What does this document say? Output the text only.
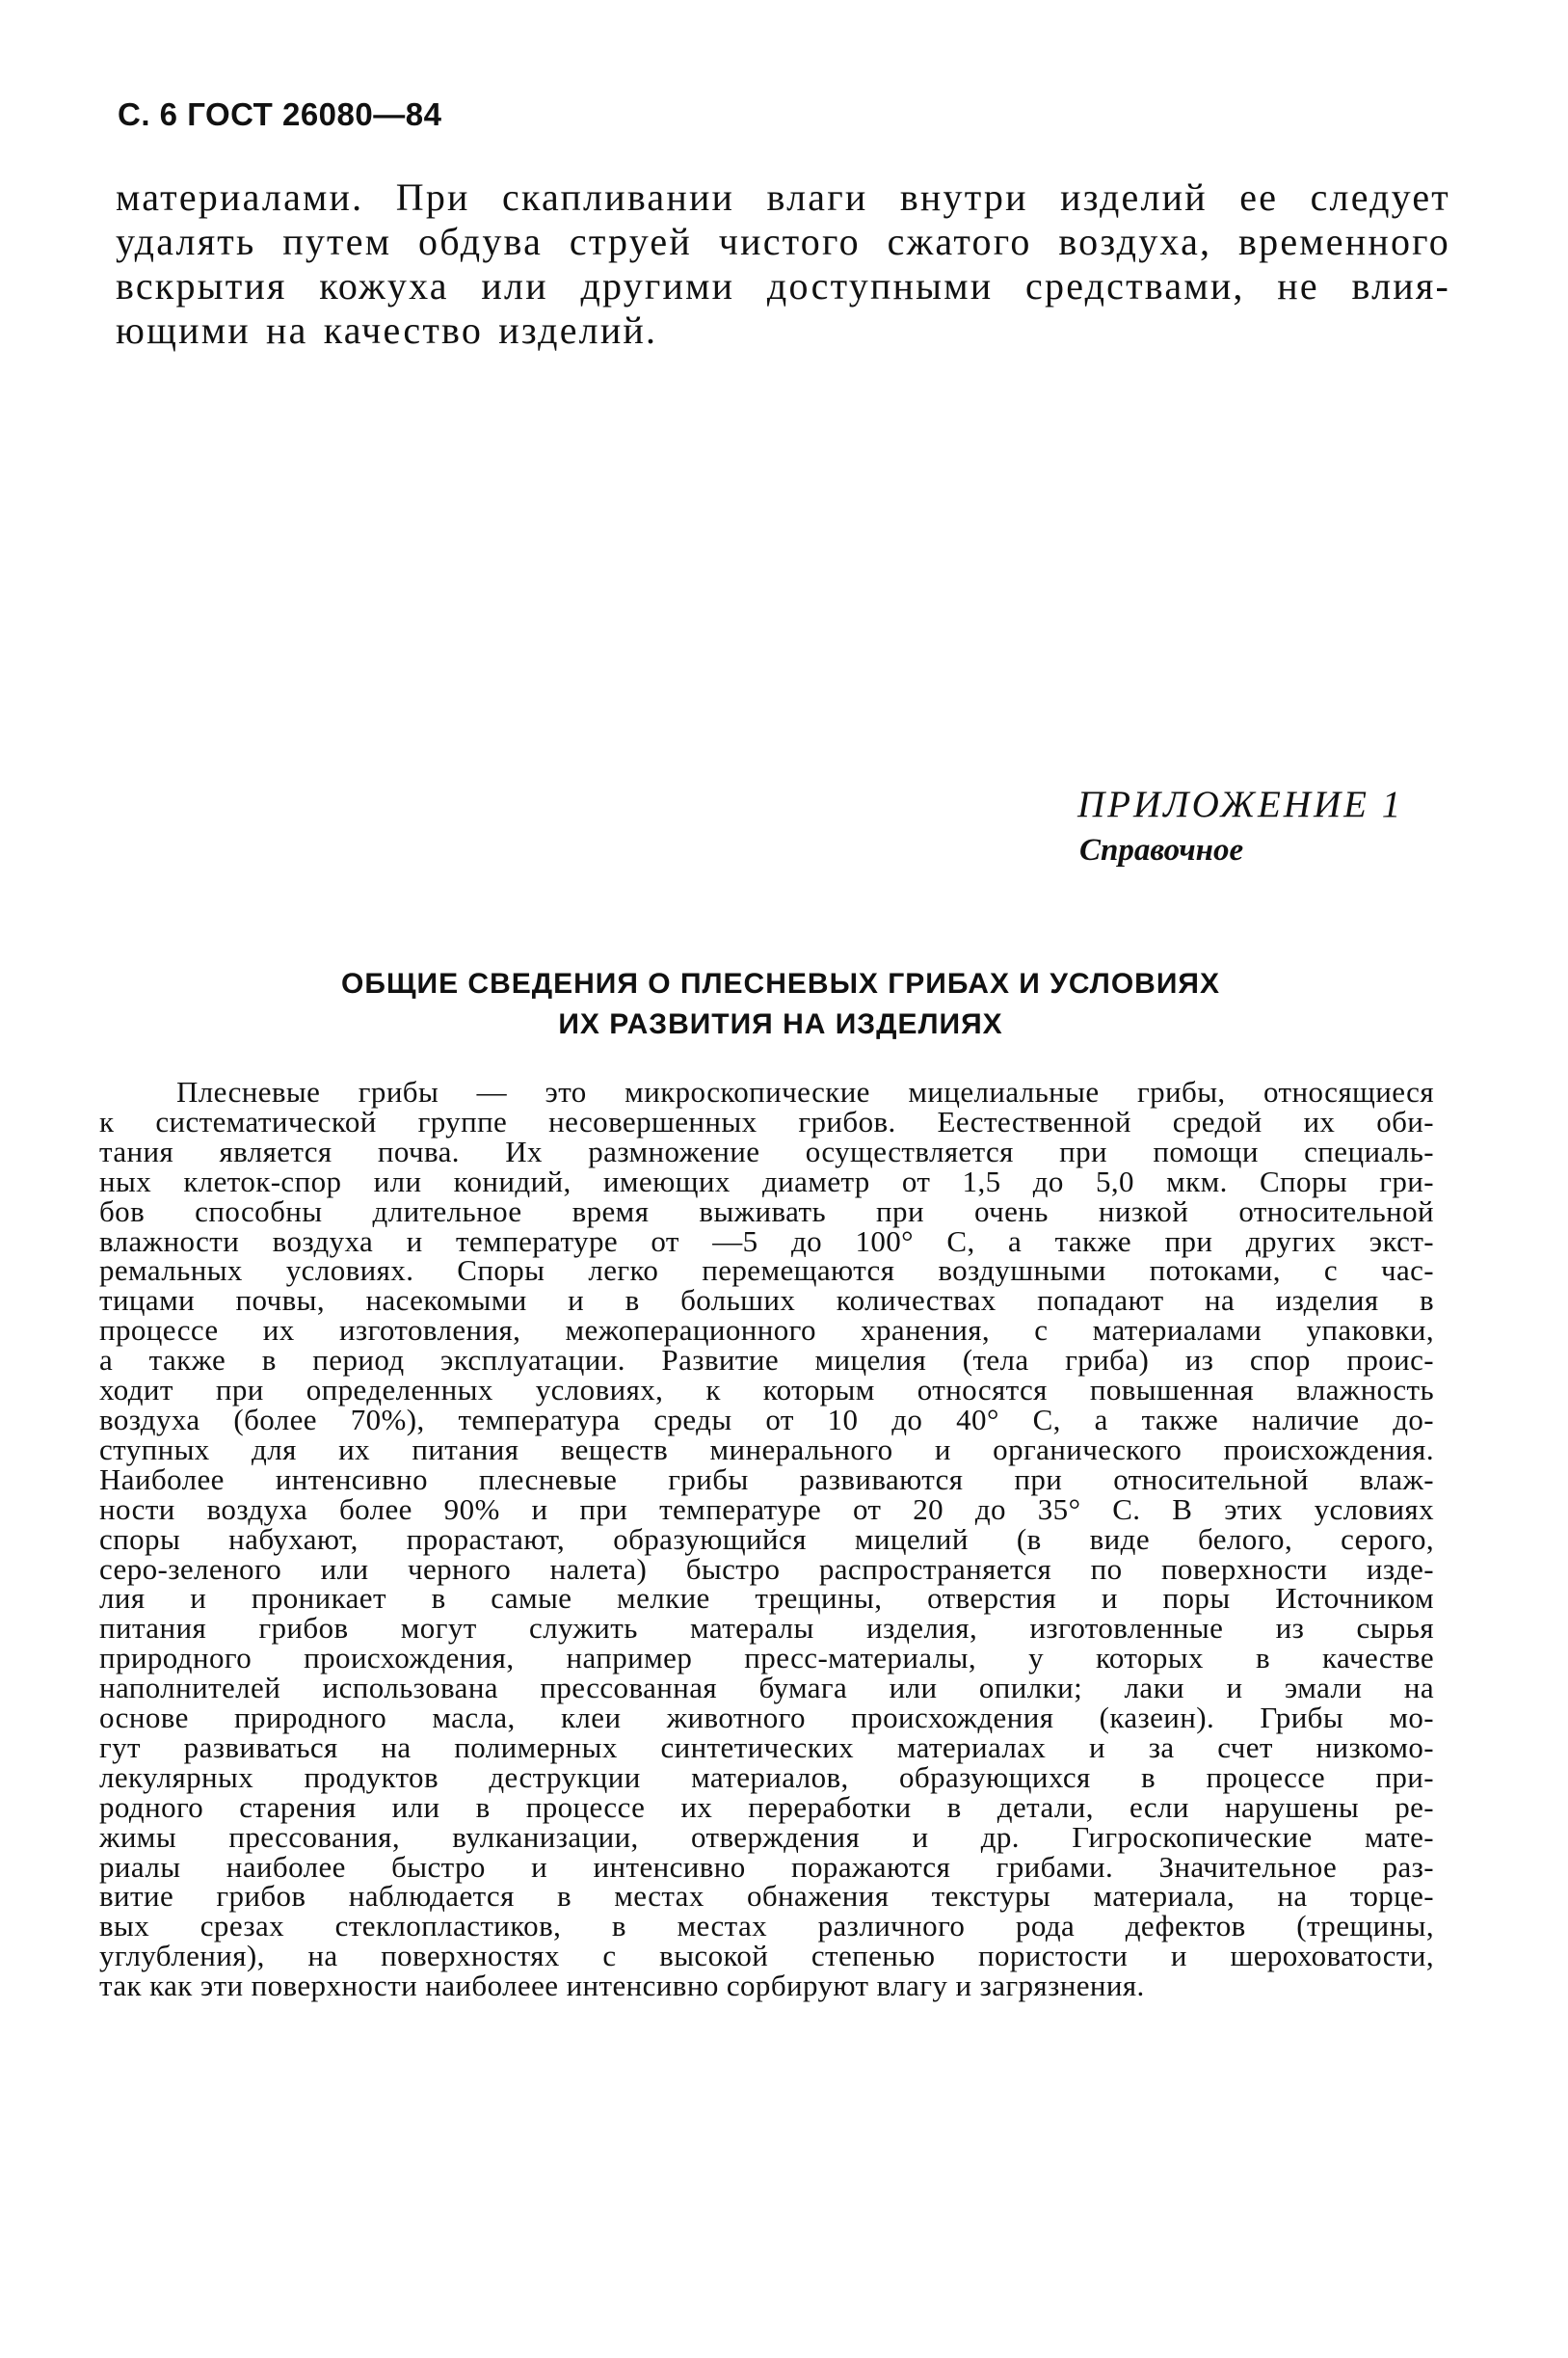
С. 6 ГОСТ 26080—84
материалами. При скапливании влаги внутри изделий ее следует
удалять путем обдува струей чистого сжатого воздуха, временного
вскрытия кожуха или другими доступными средствами, не влия-
ющими на качество изделий.
ПРИЛОЖЕНИЕ 1
Справочное
ОБЩИЕ СВЕДЕНИЯ О ПЛЕСНЕВЫХ ГРИБАХ И УСЛОВИЯХ
ИХ РАЗВИТИЯ НА ИЗДЕЛИЯХ
Плесневые грибы — это микроскопические мицелиальные грибы, относящиеся
к систематической группе несовершенных грибов. Еестественной средой их оби-
тания является почва. Их размножение осуществляется при помощи специаль-
ных клеток-спор или конидий, имеющих диаметр от 1,5 до 5,0 мкм. Споры гри-
бов способны длительное время выживать при очень низкой относительной
влажности воздуха и температуре от —5 до 100° С, а также при других экст-
ремальных условиях. Споры легко перемещаются воздушными потоками, с час-
тицами почвы, насекомыми и в больших количествах попадают на изделия в
процессе их изготовления, межоперационного хранения, с материалами упаковки,
а также в период эксплуатации. Развитие мицелия (тела гриба) из спор проис-
ходит при определенных условиях, к которым относятся повышенная влажность
воздуха (более 70%), температура среды от 10 до 40° С, а также наличие до-
ступных для их питания веществ минерального и органического происхождения.
Наиболее интенсивно плесневые грибы развиваются при относительной влаж-
ности воздуха более 90% и при температуре от 20 до 35° С. В этих условиях
споры набухают, прорастают, образующийся мицелий (в виде белого, серого,
серо-зеленого или черного налета) быстро распространяется по поверхности изде-
лия и проникает в самые мелкие трещины, отверстия и поры Источником
питания грибов могут служить матералы изделия, изготовленные из сырья
природного происхождения, например пресс-материалы, у которых в качестве
наполнителей использована прессованная бумага или опилки; лаки и эмали на
основе природного масла, клеи животного происхождения (казеин). Грибы мо-
гут развиваться на полимерных синтетических материалах и за счет низкомо-
лекулярных продуктов деструкции материалов, образующихся в процессе при-
родного старения или в процессе их переработки в детали, если нарушены ре-
жимы прессования, вулканизации, отверждения и др. Гигроскопические мате-
риалы наиболее быстро и интенсивно поражаются грибами. Значительное раз-
витие грибов наблюдается в местах обнажения текстуры материала, на торце-
вых срезах стеклопластиков, в местах различного рода дефектов (трещины,
углубления), на поверхностях с высокой степенью пористости и шероховатости,
так как эти поверхности наиболеее интенсивно сорбируют влагу и загрязнения.
